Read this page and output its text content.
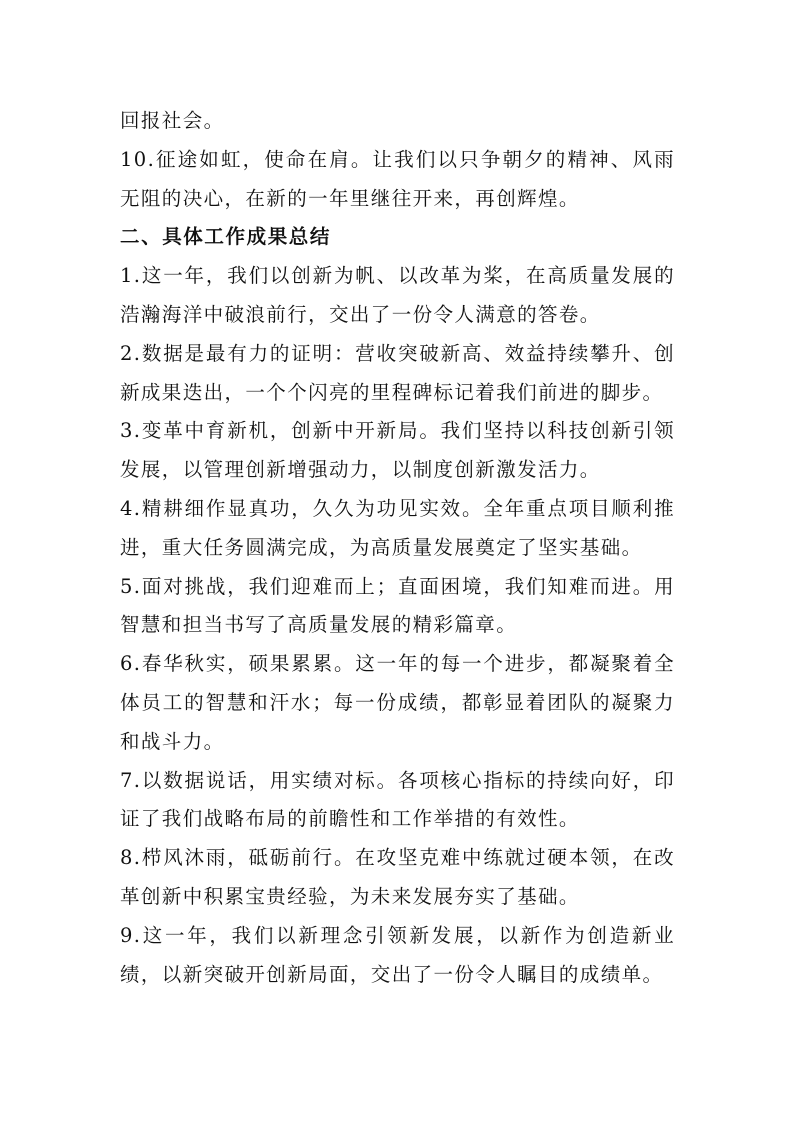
回报社会。

10.征途如虹，使命在肩。让我们以只争朝夕的精神、风雨无阻的决心，在新的一年里继往开来，再创辉煌。

二、具体工作成果总结

1.这一年，我们以创新为帆、以改革为桨，在高质量发展的浩瀚海洋中破浪前行，交出了一份令人满意的答卷。

2.数据是最有力的证明：营收突破新高、效益持续攀升、创新成果迭出，一个个闪亮的里程碑标记着我们前进的脚步。

3.变革中育新机，创新中开新局。我们坚持以科技创新引领发展，以管理创新增强动力，以制度创新激发活力。

4.精耕细作显真功，久久为功见实效。全年重点项目顺利推进，重大任务圆满完成，为高质量发展奠定了坚实基础。

5.面对挑战，我们迎难而上；直面困境，我们知难而进。用智慧和担当书写了高质量发展的精彩篇章。

6.春华秋实，硕果累累。这一年的每一个进步，都凝聚着全体员工的智慧和汗水；每一份成绩，都彰显着团队的凝聚力和战斗力。

7.以数据说话，用实绩对标。各项核心指标的持续向好，印证了我们战略布局的前瞻性和工作举措的有效性。

8.栉风沐雨，砥砺前行。在攻坚克难中练就过硬本领，在改革创新中积累宝贵经验，为未来发展夯实了基础。

9.这一年，我们以新理念引领新发展，以新作为创造新业绩，以新突破开创新局面，交出了一份令人瞩目的成绩单。
